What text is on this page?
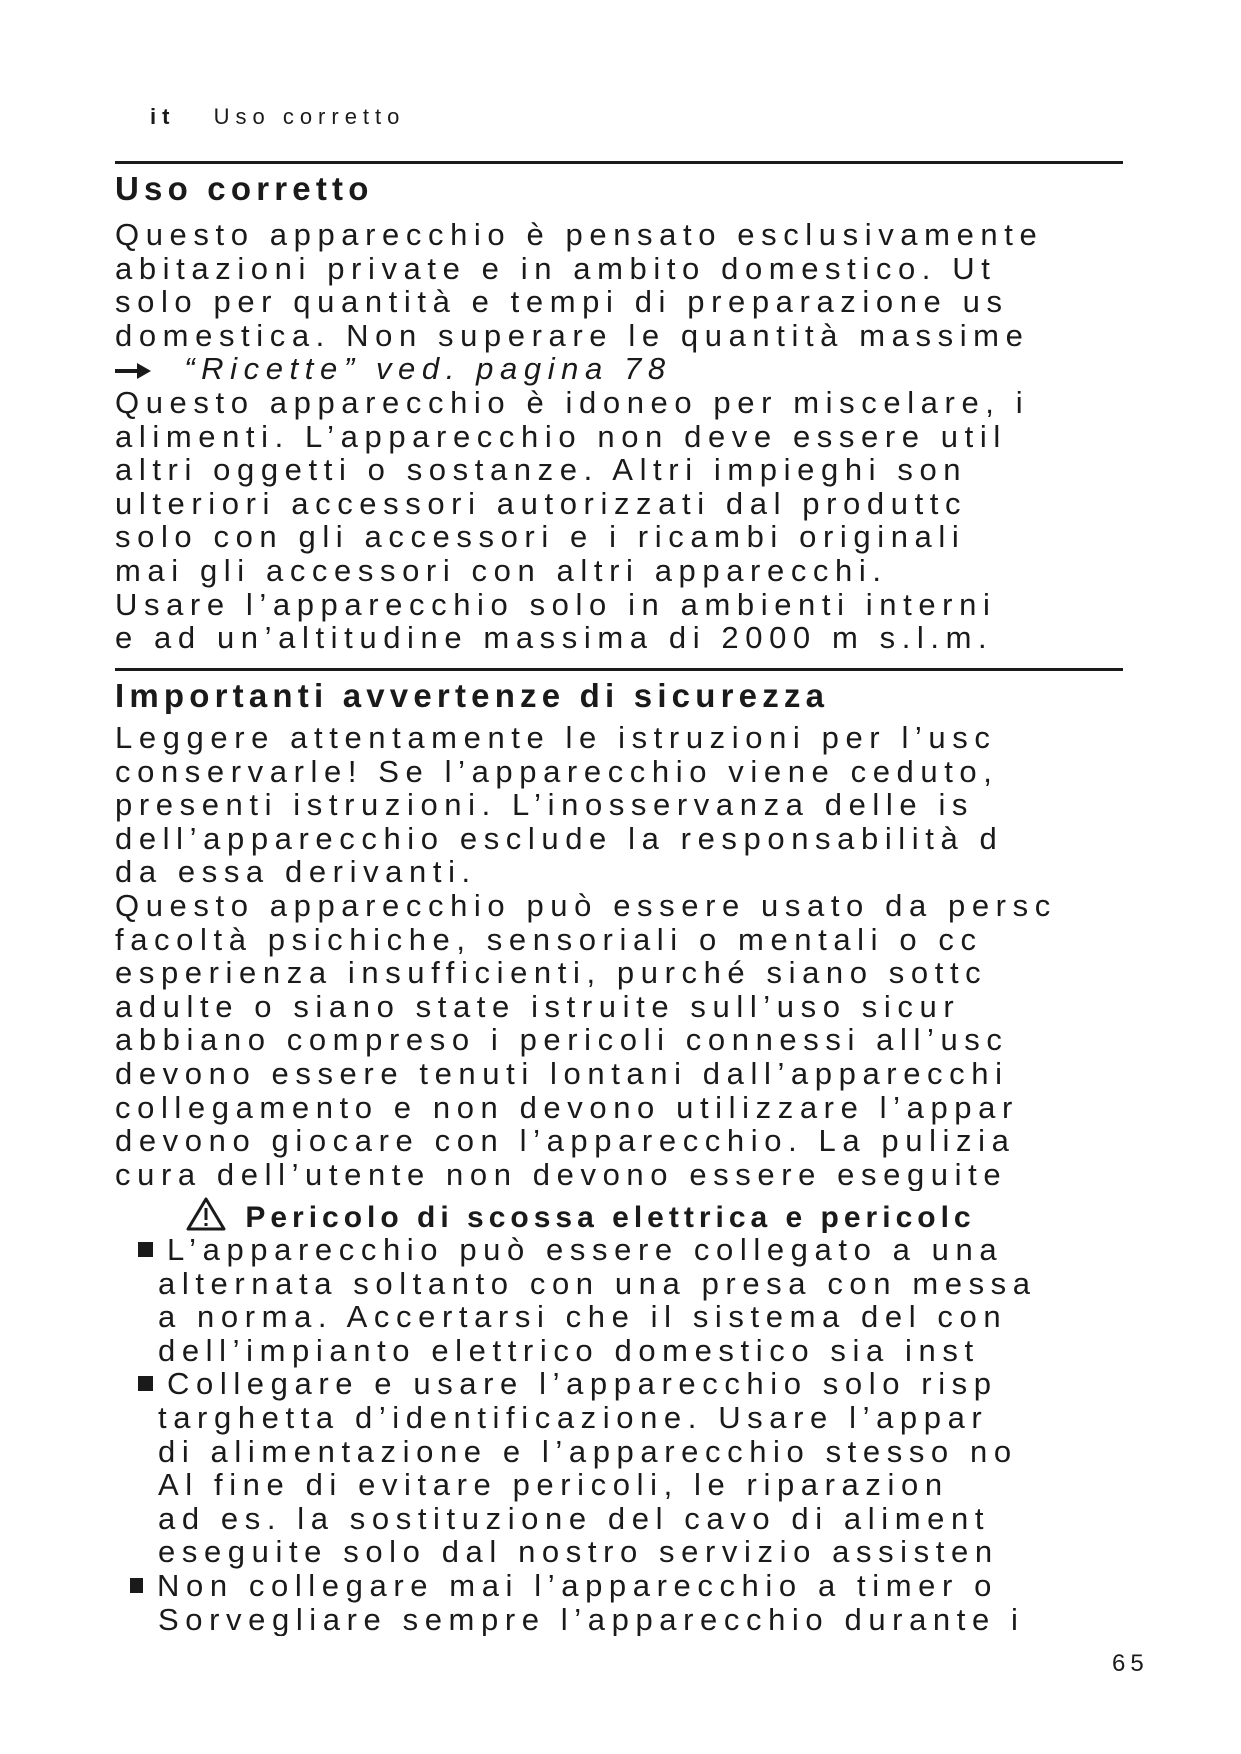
it Uso corretto
Uso corretto
Questo apparecchio è pensato esclusivamente
abitazioni private e in ambito domestico. Ut
solo per quantità e tempi di preparazione us
domestica. Non superare le quantità massime
“Ricette” ved. pagina 78
Questo apparecchio è idoneo per miscelare, i
alimenti. L’apparecchio non deve essere util
altri oggetti o sostanze. Altri impieghi son
ulteriori accessori autorizzati dal produttc
solo con gli accessori e i ricambi originali
mai gli accessori con altri apparecchi.
Usare l’apparecchio solo in ambienti interni
e ad un’altitudine massima di 2000 m s.l.m.
Importanti avvertenze di sicurezza
Leggere attentamente le istruzioni per l’usc
conservarle! Se l’apparecchio viene ceduto,
presenti istruzioni. L’inosservanza delle is
dell’apparecchio esclude la responsabilità d
da essa derivanti.
Questo apparecchio può essere usato da persc
facoltà psichiche, sensoriali o mentali o cc
esperienza insufficienti, purché siano sottc
adulte o siano state istruite sull’uso sicur
abbiano compreso i pericoli connessi all’usc
devono essere tenuti lontani dall’apparecchi
collegamento e non devono utilizzare l’appar
devono giocare con l’apparecchio. La pulizia
cura dell’utente non devono essere eseguite
Pericolo di scossa elettrica e pericolc
L’apparecchio può essere collegato a una
alternata soltanto con una presa con messa
a norma. Accertarsi che il sistema del con
dell’impianto elettrico domestico sia inst
Collegare e usare l’apparecchio solo risp
targhetta d’identificazione. Usare l’appar
di alimentazione e l’apparecchio stesso no
Al fine di evitare pericoli, le riparazion
ad es. la sostituzione del cavo di aliment
eseguite solo dal nostro servizio assisten
Non collegare mai l’apparecchio a timer o
Sorvegliare sempre l’apparecchio durante i
65
